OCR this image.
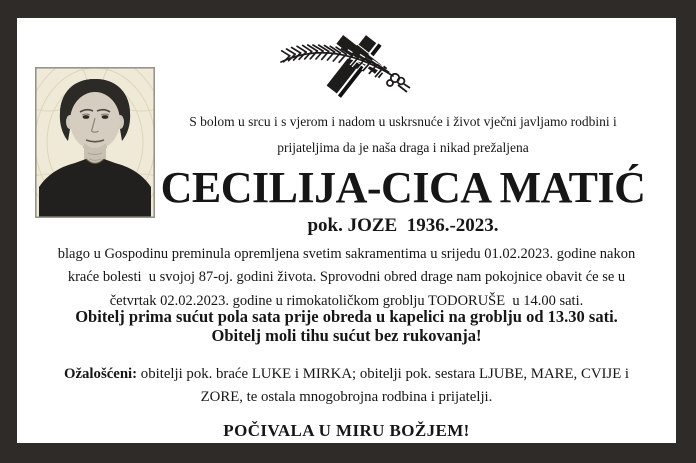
S bolom u srcu i s vjerom i nadom u uskrsnuće i život vječni javljamo rodbini i
prijateljima da je naša draga i nikad prežaljena
CECILIJA-CICA MATIĆ
pok. JOZE  1936.-2023.
blago u Gospodinu preminula opremljena svetim sakramentima u srijedu 01.02.2023. godine nakon
kraće bolesti  u svojoj 87-oj. godini života. Sprovodni obred drage nam pokojnice obavit će se u
četvrtak 02.02.2023. godine u rimokatoličkom groblju TODORUŠE  u 14.00 sati.
Obitelj prima sućut pola sata prije obreda u kapelici na groblju od 13.30 sati.
Obitelj moli tihu sućut bez rukovanja!
Ožalošćeni: obitelji pok. braće LUKE i MIRKA; obitelji pok. sestara LJUBE, MARE, CVIJE i
ZORE, te ostala mnogobrojna rodbina i prijatelji.
POČIVALA U MIRU BOŽJEM!
